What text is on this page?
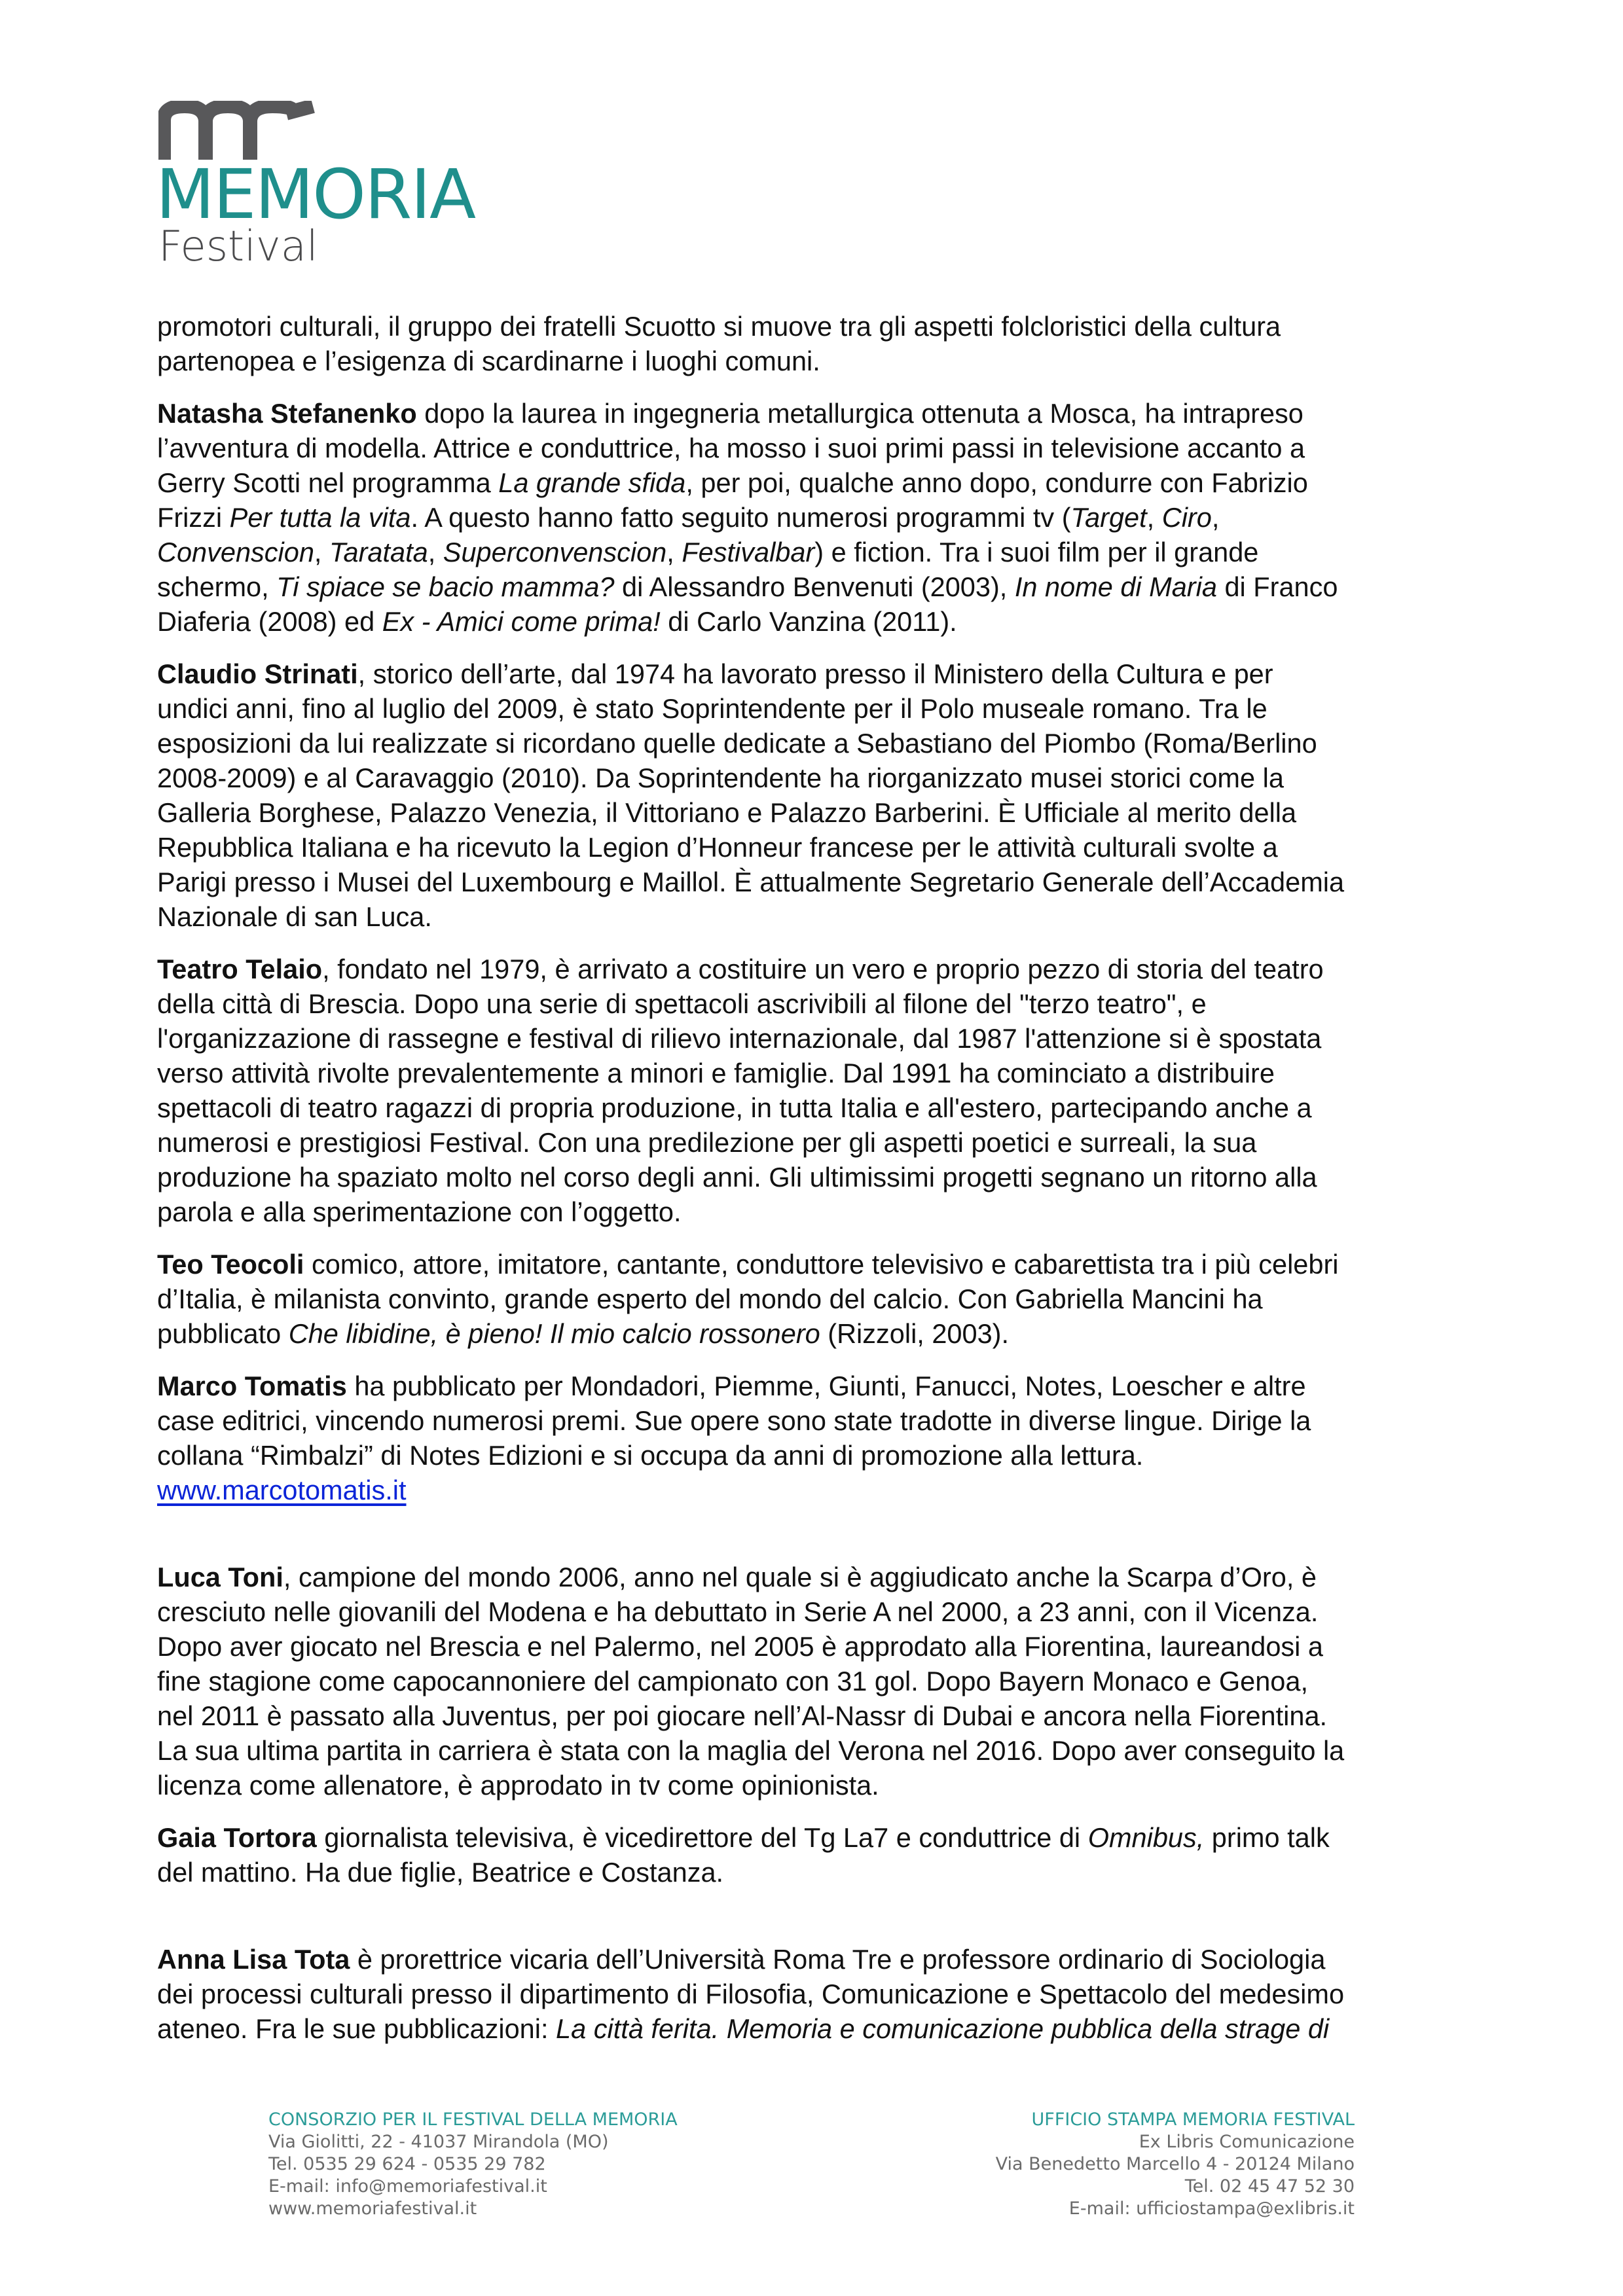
MEMORIA
Festival

promotori culturali, il gruppo dei fratelli Scuotto si muove tra gli aspetti folcloristici della cultura
partenopea e l’esigenza di scardinarne i luoghi comuni.

Natasha Stefanenko dopo la laurea in ingegneria metallurgica ottenuta a Mosca, ha intrapreso
l’avventura di modella. Attrice e conduttrice, ha mosso i suoi primi passi in televisione accanto a
Gerry Scotti nel programma La grande sfida, per poi, qualche anno dopo, condurre con Fabrizio
Frizzi Per tutta la vita. A questo hanno fatto seguito numerosi programmi tv (Target, Ciro,
Convenscion, Taratata, Superconvenscion, Festivalbar) e fiction. Tra i suoi film per il grande
schermo, Ti spiace se bacio mamma? di Alessandro Benvenuti (2003), In nome di Maria di Franco
Diaferia (2008) ed Ex - Amici come prima! di Carlo Vanzina (2011).

Claudio Strinati, storico dell’arte, dal 1974 ha lavorato presso il Ministero della Cultura e per
undici anni, fino al luglio del 2009, è stato Soprintendente per il Polo museale romano. Tra le
esposizioni da lui realizzate si ricordano quelle dedicate a Sebastiano del Piombo (Roma/Berlino
2008-2009) e al Caravaggio (2010). Da Soprintendente ha riorganizzato musei storici come la
Galleria Borghese, Palazzo Venezia, il Vittoriano e Palazzo Barberini. È Ufficiale al merito della
Repubblica Italiana e ha ricevuto la Legion d’Honneur francese per le attività culturali svolte a
Parigi presso i Musei del Luxembourg e Maillol. È attualmente Segretario Generale dell’Accademia
Nazionale di san Luca.

Teatro Telaio, fondato nel 1979, è arrivato a costituire un vero e proprio pezzo di storia del teatro
della città di Brescia. Dopo una serie di spettacoli ascrivibili al filone del "terzo teatro", e
l'organizzazione di rassegne e festival di rilievo internazionale, dal 1987 l'attenzione si è spostata
verso attività rivolte prevalentemente a minori e famiglie. Dal 1991 ha cominciato a distribuire
spettacoli di teatro ragazzi di propria produzione, in tutta Italia e all'estero, partecipando anche a
numerosi e prestigiosi Festival. Con una predilezione per gli aspetti poetici e surreali, la sua
produzione ha spaziato molto nel corso degli anni. Gli ultimissimi progetti segnano un ritorno alla
parola e alla sperimentazione con l’oggetto.

Teo Teocoli comico, attore, imitatore, cantante, conduttore televisivo e cabarettista tra i più celebri
d’Italia, è milanista convinto, grande esperto del mondo del calcio. Con Gabriella Mancini ha
pubblicato Che libidine, è pieno! Il mio calcio rossonero (Rizzoli, 2003).

Marco Tomatis ha pubblicato per Mondadori, Piemme, Giunti, Fanucci, Notes, Loescher e altre
case editrici, vincendo numerosi premi. Sue opere sono state tradotte in diverse lingue. Dirige la
collana “Rimbalzi” di Notes Edizioni e si occupa da anni di promozione alla lettura.
www.marcotomatis.it

Luca Toni, campione del mondo 2006, anno nel quale si è aggiudicato anche la Scarpa d’Oro, è
cresciuto nelle giovanili del Modena e ha debuttato in Serie A nel 2000, a 23 anni, con il Vicenza.
Dopo aver giocato nel Brescia e nel Palermo, nel 2005 è approdato alla Fiorentina, laureandosi a
fine stagione come capocannoniere del campionato con 31 gol. Dopo Bayern Monaco e Genoa,
nel 2011 è passato alla Juventus, per poi giocare nell’Al-Nassr di Dubai e ancora nella Fiorentina.
La sua ultima partita in carriera è stata con la maglia del Verona nel 2016. Dopo aver conseguito la
licenza come allenatore, è approdato in tv come opinionista.

Gaia Tortora giornalista televisiva, è vicedirettore del Tg La7 e conduttrice di Omnibus, primo talk
del mattino. Ha due figlie, Beatrice e Costanza.

Anna Lisa Tota è prorettrice vicaria dell’Università Roma Tre e professore ordinario di Sociologia
dei processi culturali presso il dipartimento di Filosofia, Comunicazione e Spettacolo del medesimo
ateneo. Fra le sue pubblicazioni: La città ferita. Memoria e comunicazione pubblica della strage di

CONSORZIO PER IL FESTIVAL DELLA MEMORIA
Via Giolitti, 22 - 41037 Mirandola (MO)
Tel. 0535 29 624 - 0535 29 782
E-mail: info@memoriafestival.it
www.memoriafestival.it
UFFICIO STAMPA MEMORIA FESTIVAL
Ex Libris Comunicazione
Via Benedetto Marcello 4 - 20124 Milano
Tel. 02 45 47 52 30
E-mail: ufficiostampa@exlibris.it
